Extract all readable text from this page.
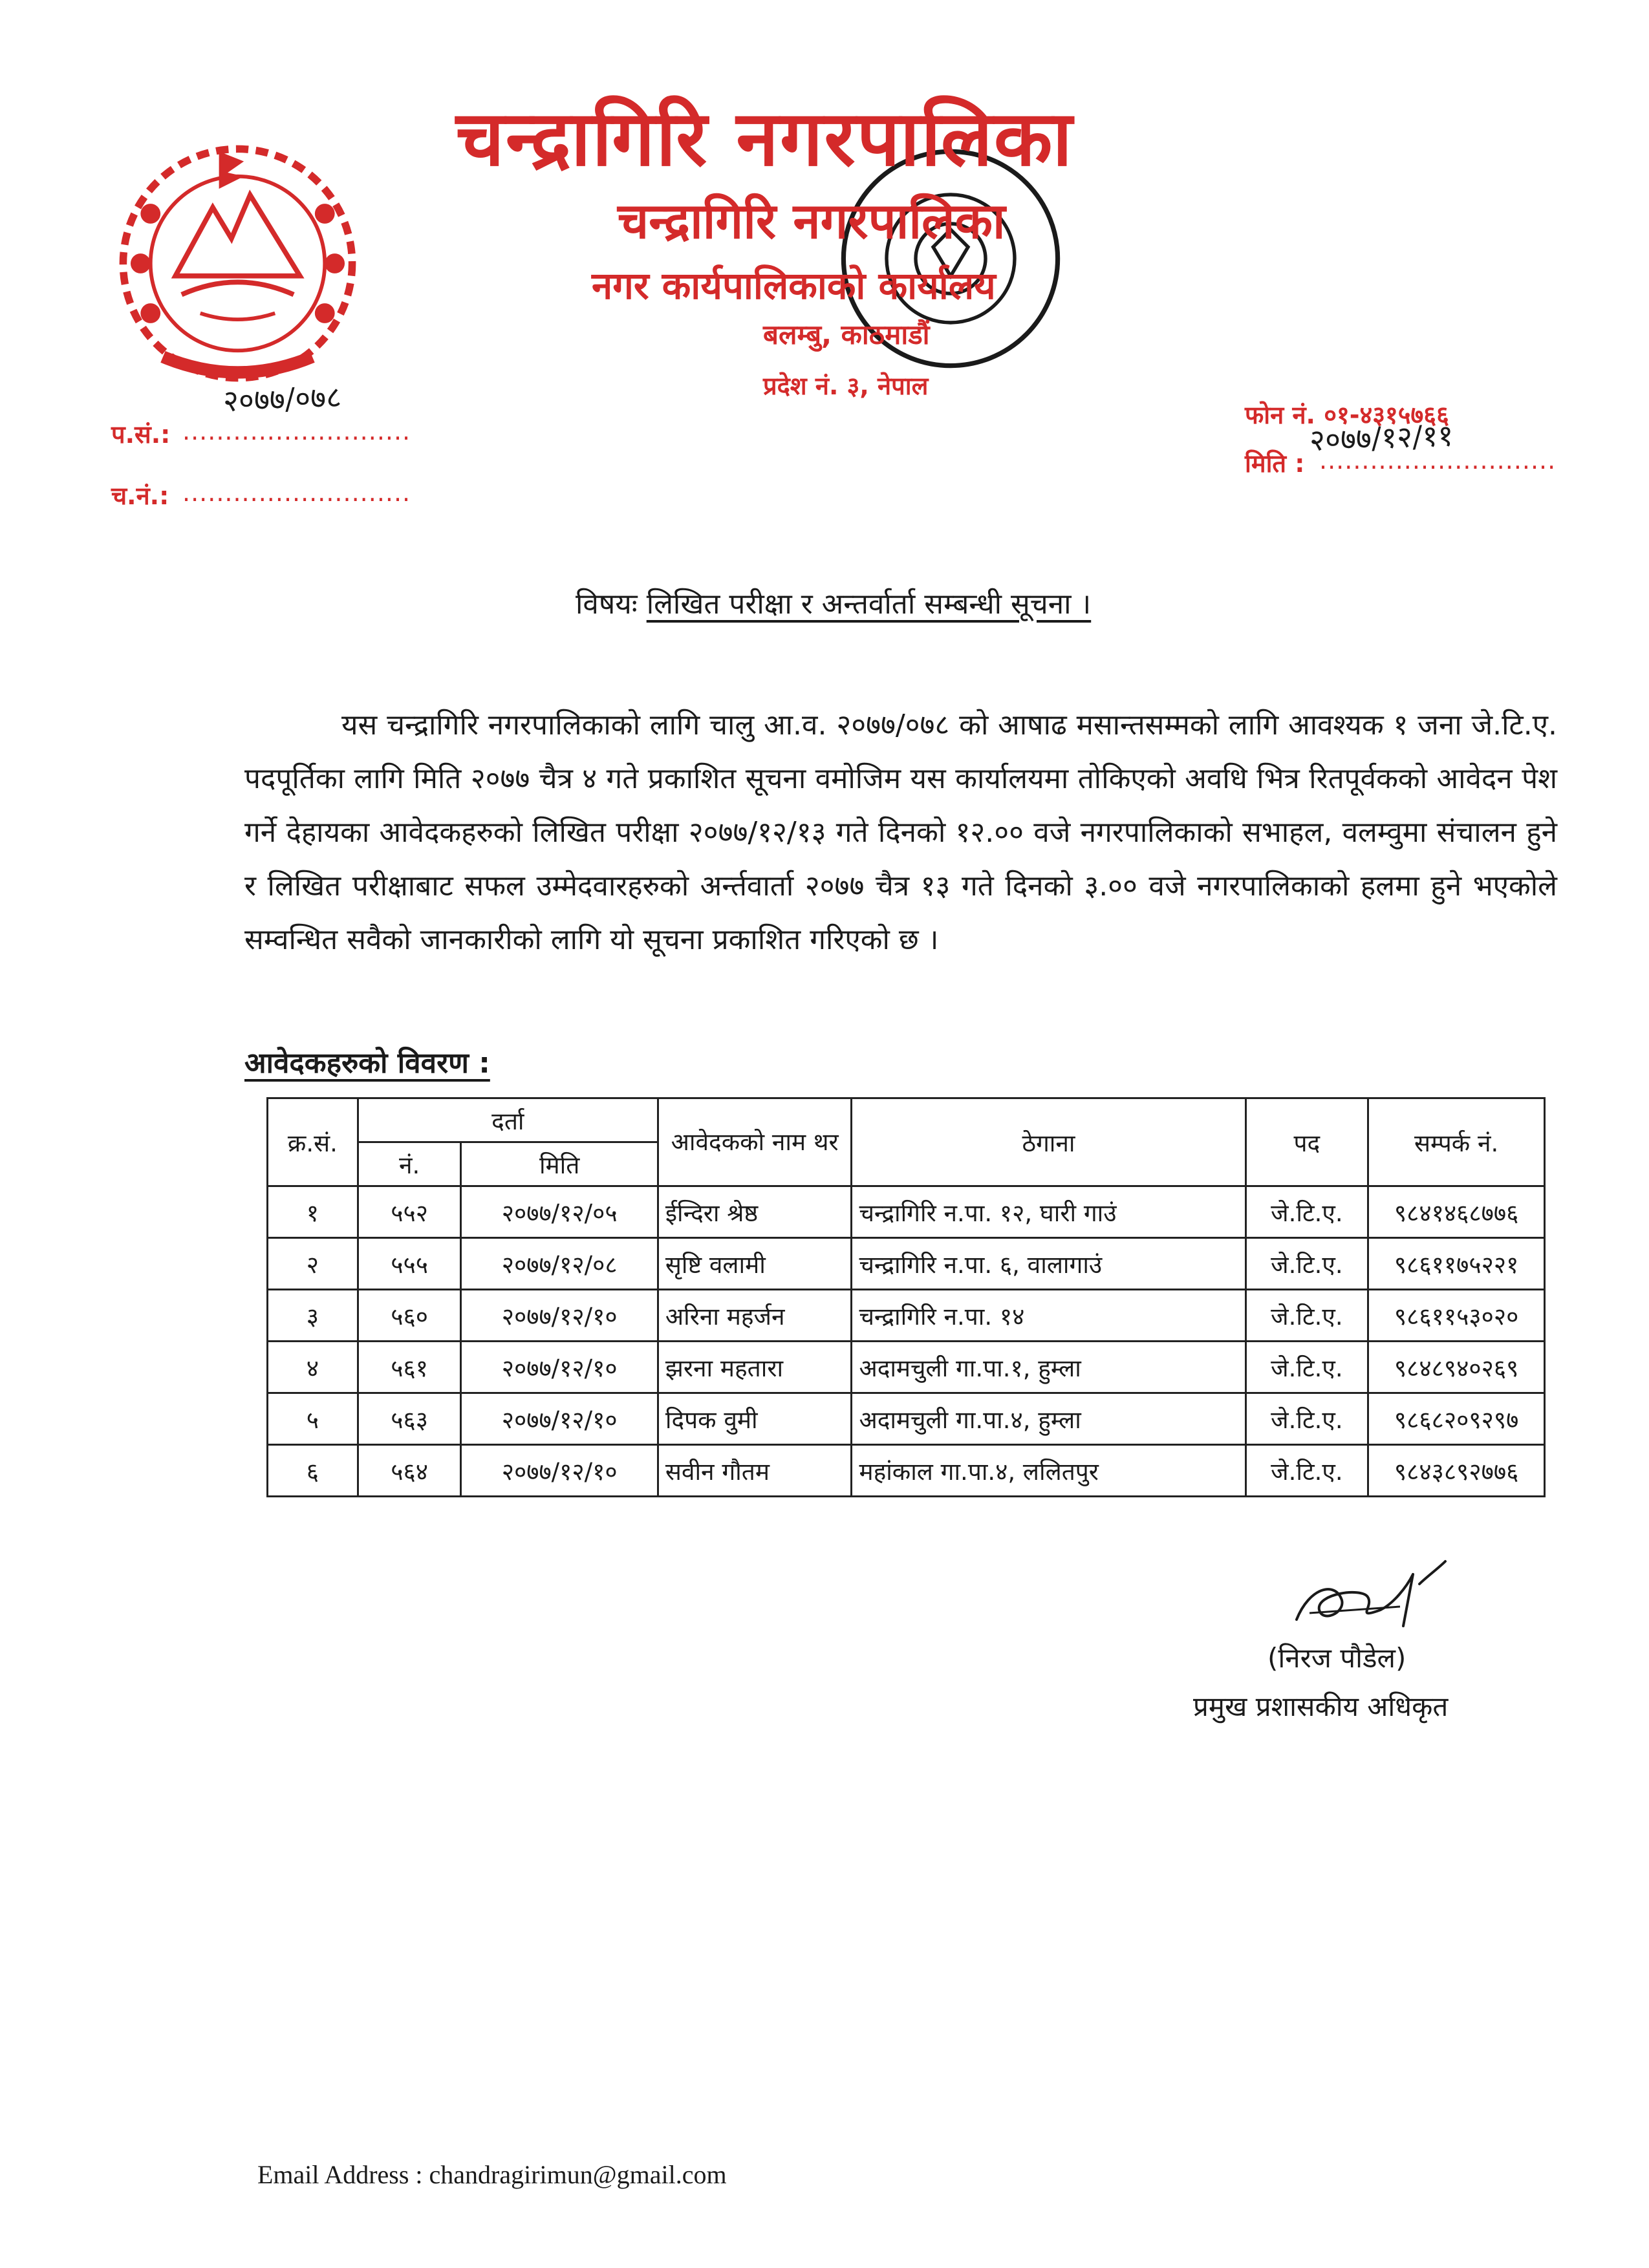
चन्द्रागिरि नगरपालिका
चन्द्रागिरि नगरपालिका
नगर कार्यपालिकाको कार्यालय
बलम्बु, काठमाडौं
प्रदेश नं. ३, नेपाल
२०७७/०७८
प.सं.: ...........................
च.नं.: ...........................
फोन नं. ०१-४३१५७६६
२०७७/१२/११
मिति : ............................
विषयः लिखित परीक्षा र अन्तर्वार्ता सम्बन्धी सूचना ।
यस चन्द्रागिरि नगरपालिकाको लागि चालु आ.व. २०७७/०७८ को आषाढ मसान्तसम्मको लागि आवश्यक १ जना जे.टि.ए. पदपूर्तिका लागि मिति २०७७ चैत्र ४ गते प्रकाशित सूचना वमोजिम यस कार्यालयमा तोकिएको अवधि भित्र रितपूर्वकको आवेदन पेश गर्ने देहायका आवेदकहरुको लिखित परीक्षा २०७७/१२/१३ गते दिनको १२.०० वजे नगरपालिकाको सभाहल, वलम्वुमा संचालन हुने र लिखित परीक्षाबाट सफल उम्मेदवारहरुको अर्न्तवार्ता २०७७ चैत्र १३ गते दिनको ३.०० वजे नगरपालिकाको हलमा हुने भएकोले सम्वन्धित सवैको जानकारीको लागि यो सूचना प्रकाशित गरिएको छ ।
आवेदकहरुको विवरण :
क्र.सं.	दर्ता		आवेदकको नाम थर	ठेगाना	पद	सम्पर्क नं.
	नं.	मिति				
१	५५२	२०७७/१२/०५	ईन्दिरा श्रेष्ठ	चन्द्रागिरि न.पा. १२, घारी गाउं	जे.टि.ए.	९८४१४६८७७६
२	५५५	२०७७/१२/०८	सृष्टि वलामी	चन्द्रागिरि न.पा. ६, वालागाउं	जे.टि.ए.	९८६११७५२२१
३	५६०	२०७७/१२/१०	अरिना महर्जन	चन्द्रागिरि न.पा. १४	जे.टि.ए.	९८६११५३०२०
४	५६१	२०७७/१२/१०	झरना महतारा	अदामचुली गा.पा.१, हुम्ला	जे.टि.ए.	९८४८९४०२६९
५	५६३	२०७७/१२/१०	दिपक वुमी	अदामचुली गा.पा.४, हुम्ला	जे.टि.ए.	९८६८२०९२९७
६	५६४	२०७७/१२/१०	सवीन गौतम	महांकाल गा.पा.४, ललितपुर	जे.टि.ए.	९८४३८९२७७६
(निरज पौडेल)
प्रमुख प्रशासकीय अधिकृत
Email Address : chandragirimun@gmail.com
